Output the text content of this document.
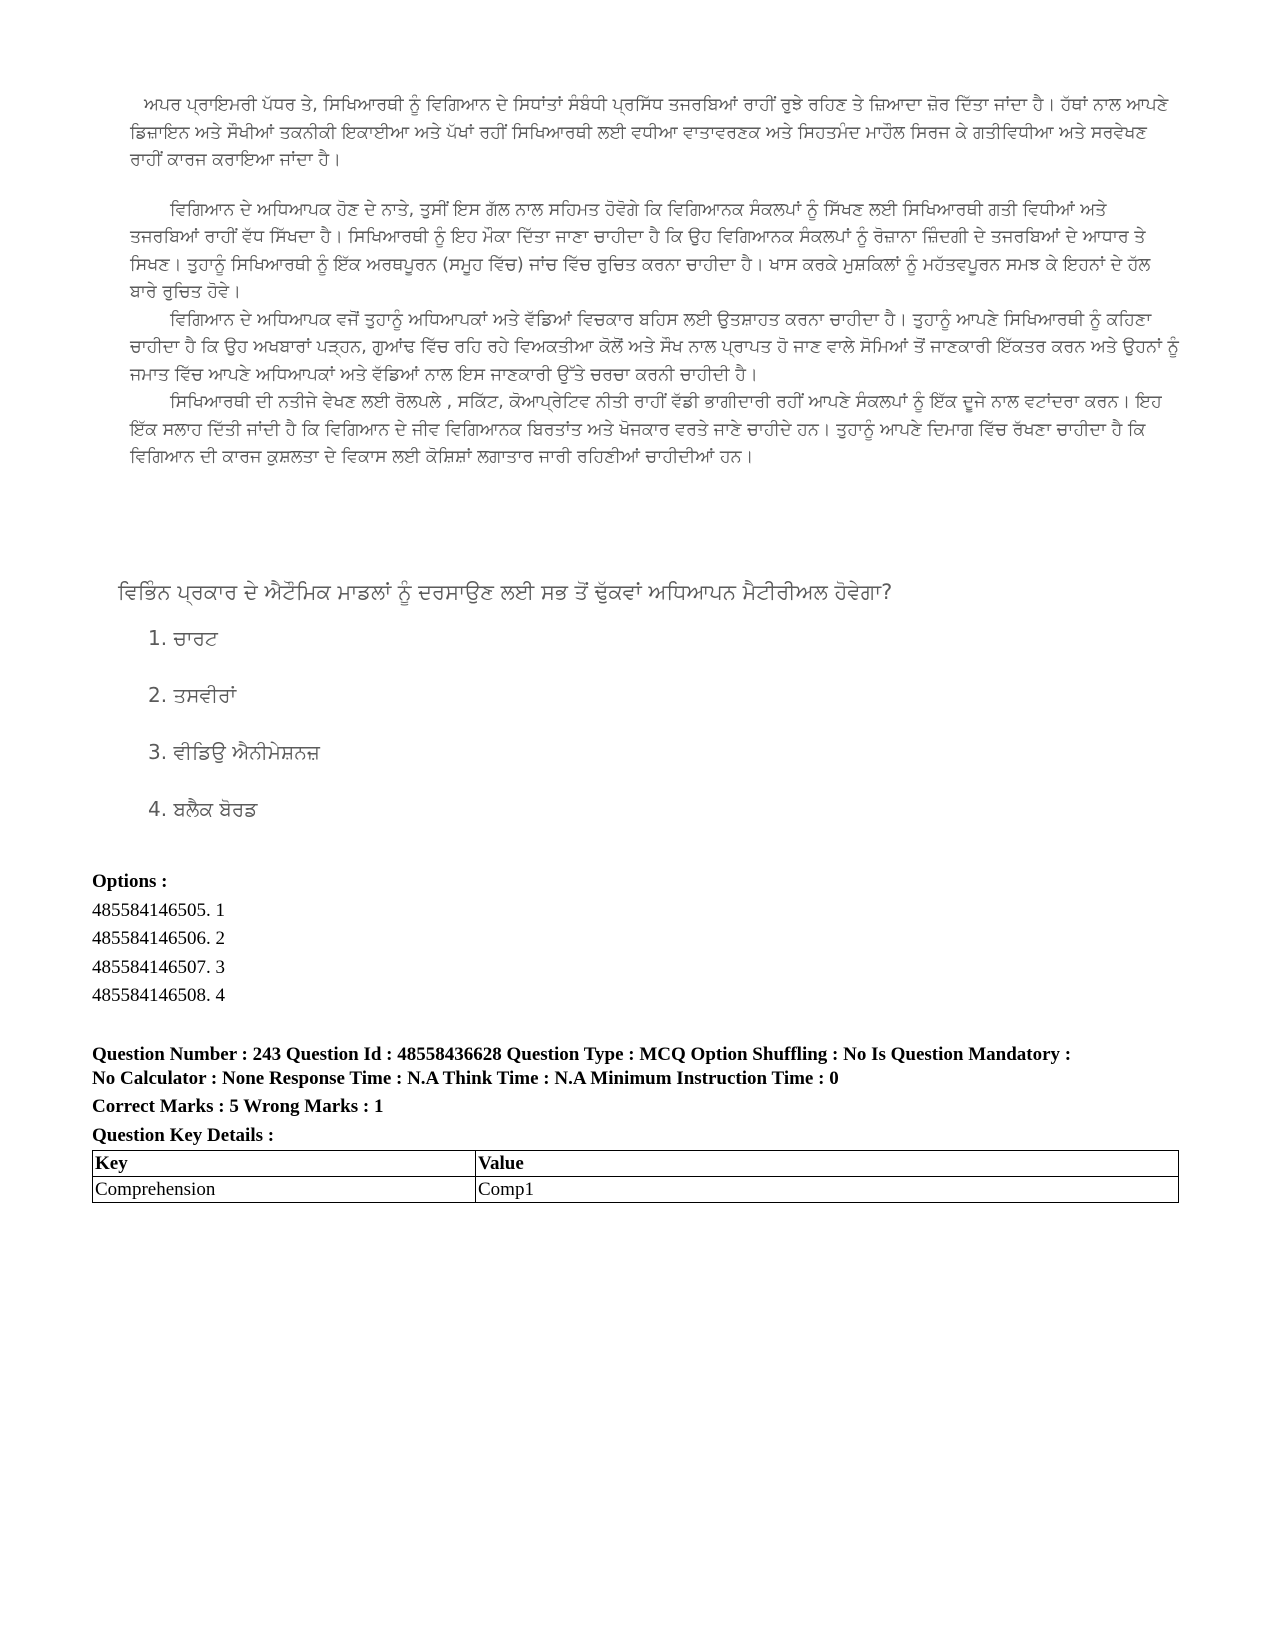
ਅਪਰ ਪ੍ਰਾਇਮਰੀ ਪੱਧਰ ਤੇ, ਸਿਖਿਆਰਥੀ ਨੂੰ ਵਿਗਿਆਨ ਦੇ ਸਿਧਾਂਤਾਂ ਸੰਬੰਧੀ ਪ੍ਰਸਿੱਧ ਤਜਰਬਿਆਂ ਰਾਹੀਂ ਰੁਝੇ ਰਹਿਣ ਤੇ ਜ਼ਿਆਦਾ ਜ਼ੋਰ ਦਿੱਤਾ ਜਾਂਦਾ ਹੈ। ਹੱਥਾਂ ਨਾਲ ਆਪਣੇ ਡਿਜ਼ਾਇਨ ਅਤੇ ਸੌਖੀਆਂ ਤਕਨੀਕੀ ਇਕਾਈਆ ਅਤੇ ਪੱਖਾਂ ਰਹੀਂ ਸਿਖਿਆਰਥੀ ਲਈ ਵਧੀਆ ਵਾਤਾਵਰਣਕ ਅਤੇ ਸਿਹਤਮੰਦ ਮਾਹੌਲ ਸਿਰਜ ਕੇ ਗਤੀਵਿਧੀਆ ਅਤੇ ਸਰਵੇਖਣ ਰਾਹੀਂ ਕਾਰਜ ਕਰਾਇਆ ਜਾਂਦਾ ਹੈ।

ਵਿਗਿਆਨ ਦੇ ਅਧਿਆਪਕ ਹੋਣ ਦੇ ਨਾਤੇ, ਤੁਸੀਂ ਇਸ ਗੱਲ ਨਾਲ ਸਹਿਮਤ ਹੋਵੋਗੇ ਕਿ ਵਿਗਿਆਨਕ ਸੰਕਲਪਾਂ ਨੂੰ ਸਿੱਖਣ ਲਈ ਸਿਖਿਆਰਥੀ ਗਤੀ ਵਿਧੀਆਂ ਅਤੇ ਤਜਰਬਿਆਂ ਰਾਹੀਂ ਵੱਧ ਸਿੱਖਦਾ ਹੈ। ਸਿਖਿਆਰਥੀ ਨੂੰ ਇਹ ਮੌਕਾ ਦਿੱਤਾ ਜਾਣਾ ਚਾਹੀਦਾ ਹੈ ਕਿ ਉਹ ਵਿਗਿਆਨਕ ਸੰਕਲਪਾਂ ਨੂੰ ਰੋਜ਼ਾਨਾ ਜ਼ਿੰਦਗੀ ਦੇ ਤਜਰਬਿਆਂ ਦੇ ਆਧਾਰ ਤੇ ਸਿਖਣ। ਤੁਹਾਨੂੰ ਸਿਖਿਆਰਥੀ ਨੂੰ ਇੱਕ ਅਰਥਪੂਰਨ (ਸਮੂਹ ਵਿੱਚ) ਜਾਂਚ ਵਿੱਚ ਰੁਚਿਤ ਕਰਨਾ ਚਾਹੀਦਾ ਹੈ। ਖਾਸ ਕਰਕੇ ਮੁਸ਼ਕਿਲਾਂ ਨੂੰ ਮਹੱਤਵਪੂਰਨ ਸਮਝ ਕੇ ਇਹਨਾਂ ਦੇ ਹੱਲ ਬਾਰੇ ਰੁਚਿਤ ਹੋਵੇ।

ਵਿਗਿਆਨ ਦੇ ਅਧਿਆਪਕ ਵਜੋਂ ਤੁਹਾਨੂੰ ਅਧਿਆਪਕਾਂ ਅਤੇ ਵੱਡਿਆਂ ਵਿਚਕਾਰ ਬਹਿਸ ਲਈ ਉਤਸ਼ਾਹਤ ਕਰਨਾ ਚਾਹੀਦਾ ਹੈ। ਤੁਹਾਨੂੰ ਆਪਣੇ ਸਿਖਿਆਰਥੀ ਨੂੰ ਕਹਿਣਾ ਚਾਹੀਦਾ ਹੈ ਕਿ ਉਹ ਅਖਬਾਰਾਂ ਪੜ੍ਹਨ, ਗੁਆਂਢ ਵਿੱਚ ਰਹਿ ਰਹੇ ਵਿਅਕਤੀਆ ਕੋਲੋਂ ਅਤੇ ਸੌਖ ਨਾਲ ਪ੍ਰਾਪਤ ਹੋ ਜਾਣ ਵਾਲੇ ਸੋਮਿਆਂ ਤੋਂ ਜਾਣਕਾਰੀ ਇੱਕਤਰ ਕਰਨ ਅਤੇ ਉਹਨਾਂ ਨੂੰ ਜਮਾਤ ਵਿੱਚ ਆਪਣੇ ਅਧਿਆਪਕਾਂ ਅਤੇ ਵੱਡਿਆਂ ਨਾਲ ਇਸ ਜਾਣਕਾਰੀ ਉੱਤੇ ਚਰਚਾ ਕਰਨੀ ਚਾਹੀਦੀ ਹੈ।

ਸਿਖਿਆਰਥੀ ਦੀ ਨਤੀਜੇ ਵੇਖਣ ਲਈ ਰੋਲਪਲੇ , ਸਕਿੱਟ, ਕੋਆਪ੍ਰੇਟਿਵ ਨੀਤੀ ਰਾਹੀਂ ਵੱਡੀ ਭਾਗੀਦਾਰੀ ਰਹੀਂ ਆਪਣੇ ਸੰਕਲਪਾਂ ਨੂੰ ਇੱਕ ਦੂਜੇ ਨਾਲ ਵਟਾਂਦਰਾ ਕਰਨ। ਇਹ ਇੱਕ ਸਲਾਹ ਦਿੱਤੀ ਜਾਂਦੀ ਹੈ ਕਿ ਵਿਗਿਆਨ ਦੇ ਜੀਵ ਵਿਗਿਆਨਕ ਬਿਰਤਾਂਤ ਅਤੇ ਖੋਜਕਾਰ ਵਰਤੇ ਜਾਣੇ ਚਾਹੀਦੇ ਹਨ। ਤੁਹਾਨੂੰ ਆਪਣੇ ਦਿਮਾਗ ਵਿੱਚ ਰੱਖਣਾ ਚਾਹੀਦਾ ਹੈ ਕਿ ਵਿਗਿਆਨ ਦੀ ਕਾਰਜ ਕੁਸ਼ਲਤਾ ਦੇ ਵਿਕਾਸ ਲਈ ਕੋਸ਼ਿਸ਼ਾਂ ਲਗਾਤਾਰ ਜਾਰੀ ਰਹਿਣੀਆਂ ਚਾਹੀਦੀਆਂ ਹਨ।

ਵਿਭਿੰਨ ਪ੍ਰਕਾਰ ਦੇ ਐਟੌਮਿਕ ਮਾਡਲਾਂ ਨੂੰ ਦਰਸਾਉਣ ਲਈ ਸਭ ਤੋਂ ਢੁੱਕਵਾਂ ਅਧਿਆਪਨ ਮੈਟੀਰੀਅਲ ਹੋਵੇਗਾ?

1. ਚਾਰਟ
2. ਤਸਵੀਰਾਂ
3. ਵੀਡਿਉ ਐਨੀਮੇਸ਼ਨਜ਼
4. ਬਲੈਕ ਬੋਰਡ
Options :
485584146505. 1
485584146506. 2
485584146507. 3
485584146508. 4
Question Number : 243 Question Id : 48558436628 Question Type : MCQ Option Shuffling : No Is Question Mandatory :
No Calculator : None Response Time : N.A Think Time : N.A Minimum Instruction Time : 0
Correct Marks : 5 Wrong Marks : 1
Question Key Details :
Key	Value
Comprehension	Comp1
